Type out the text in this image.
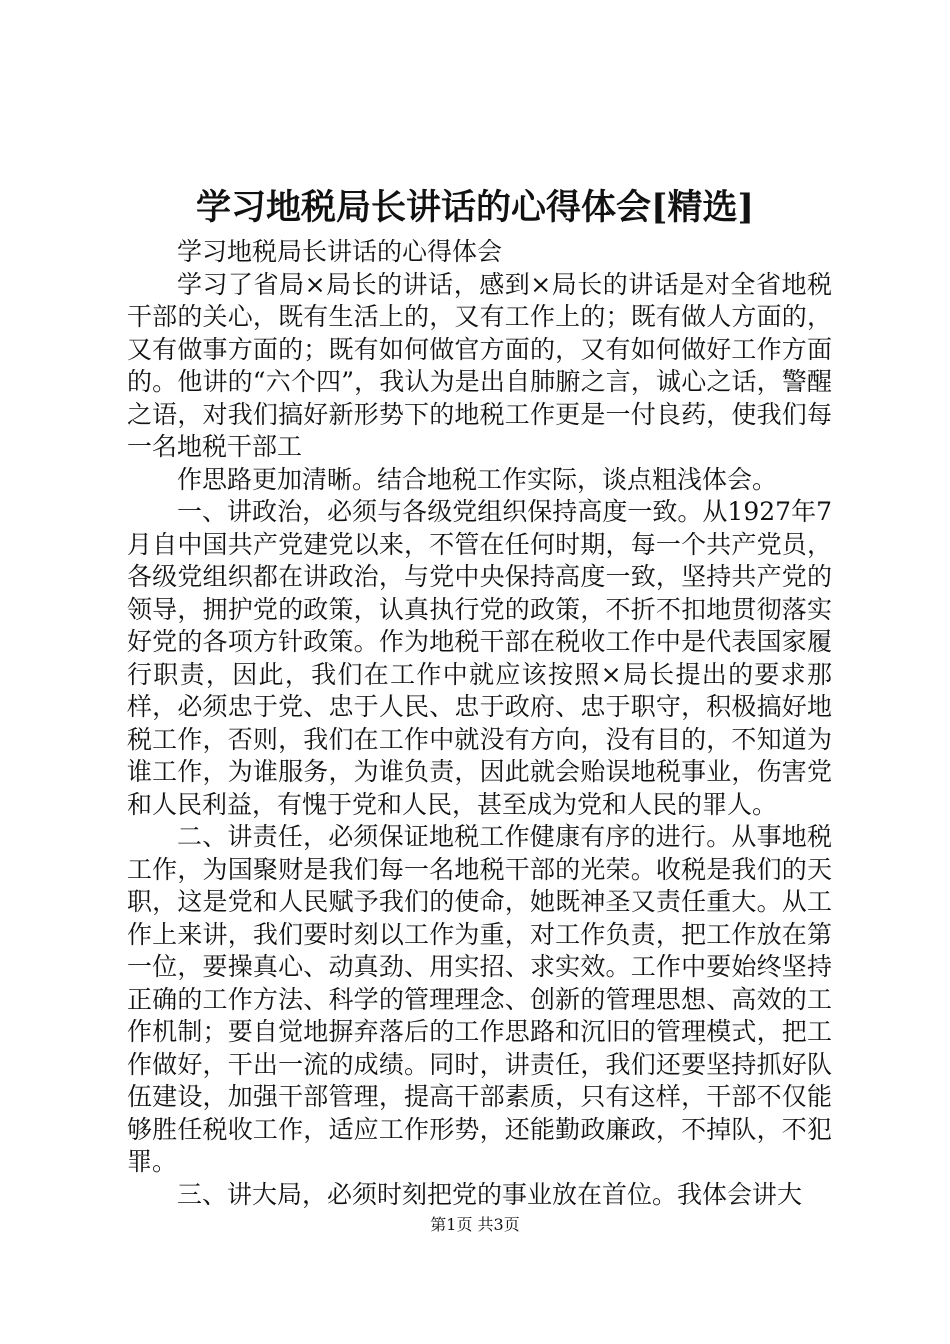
学习地税局长讲话的心得体会[精选]

学习地税局长讲话的心得体会

学习了省局×局长的讲话，感到×局长的讲话是对全省地税干部的关心，既有生活上的，又有工作上的；既有做人方面的，又有做事方面的；既有如何做官方面的，又有如何做好工作方面的。他讲的“六个四”，我认为是出自肺腑之言，诚心之话，警醒之语，对我们搞好新形势下的地税工作更是一付良药，使我们每一名地税干部工

作思路更加清晰。结合地税工作实际，谈点粗浅体会。

一、讲政治，必须与各级党组织保持高度一致。从1927年7月自中国共产党建党以来，不管在任何时期，每一个共产党员，各级党组织都在讲政治，与党中央保持高度一致，坚持共产党的领导，拥护党的政策，认真执行党的政策，不折不扣地贯彻落实好党的各项方针政策。作为地税干部在税收工作中是代表国家履行职责，因此，我们在工作中就应该按照×局长提出的要求那样，必须忠于党、忠于人民、忠于政府、忠于职守，积极搞好地税工作，否则，我们在工作中就没有方向，没有目的，不知道为谁工作，为谁服务，为谁负责，因此就会贻误地税事业，伤害党和人民利益，有愧于党和人民，甚至成为党和人民的罪人。

二、讲责任，必须保证地税工作健康有序的进行。从事地税工作，为国聚财是我们每一名地税干部的光荣。收税是我们的天职，这是党和人民赋予我们的使命，她既神圣又责任重大。从工作上来讲，我们要时刻以工作为重，对工作负责，把工作放在第一位，要操真心、动真劲、用实招、求实效。工作中要始终坚持正确的工作方法、科学的管理理念、创新的管理思想、高效的工作机制；要自觉地摒弃落后的工作思路和沉旧的管理模式，把工作做好，干出一流的成绩。同时，讲责任，我们还要坚持抓好队伍建设，加强干部管理，提高干部素质，只有这样，干部不仅能够胜任税收工作，适应工作形势，还能勤政廉政，不掉队，不犯罪。

三、讲大局，必须时刻把党的事业放在首位。我体会讲大

第1页 共3页
